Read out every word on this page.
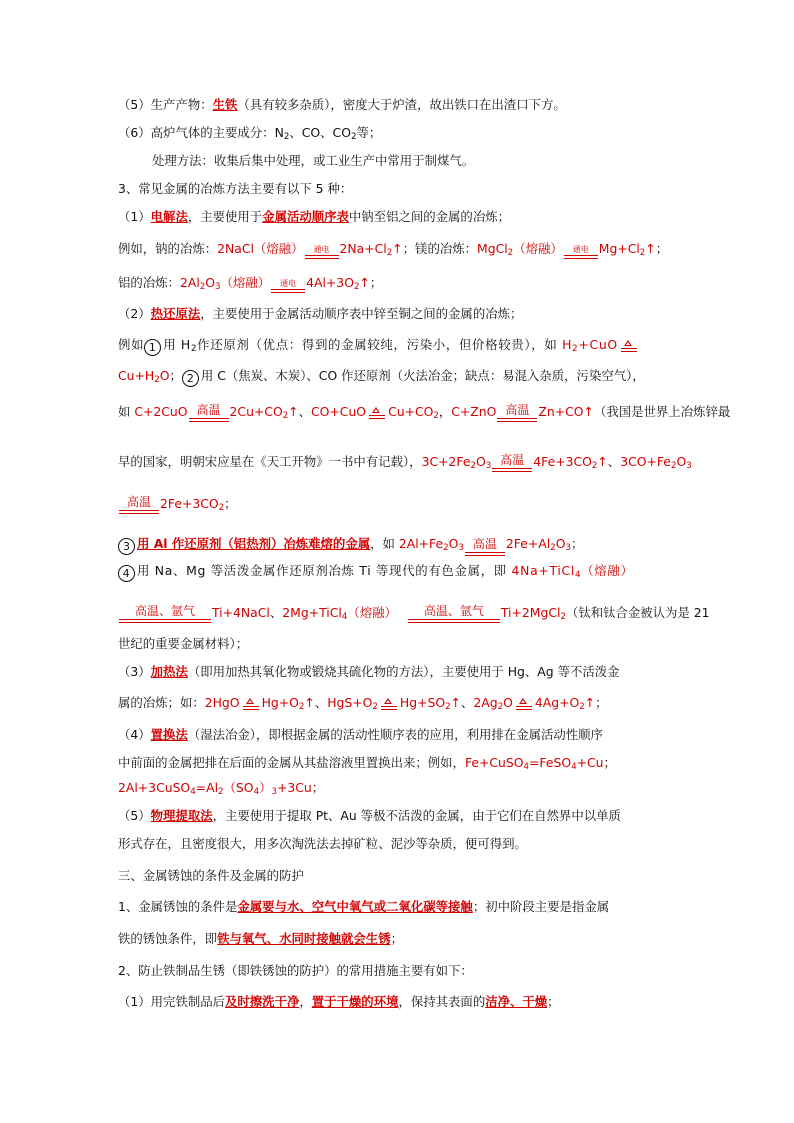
（5）生产产物：生铁（具有较多杂质），密度大于炉渣，故出铁口在出渣口下方。
（6）高炉气体的主要成分：$N_2$、CO、$CO_2$等；
处理方法：收集后集中处理，或工业生产中常用于制煤气。
3、常见金属的冶炼方法主要有以下 5 种：
（1）电解法，主要使用于金属活动顺序表中钠至铝之间的金属的冶炼；
例如，钠的冶炼：2NaCl（熔融） 通电 $2Na+Cl_2↑$；镁的冶炼：MgCl$_2$（熔融） 通电 $Mg+Cl_2↑$；
铝的冶炼：$2Al_2O_3$（熔融） 通电 $4Al+3O_2↑$；
（2）热还原法，主要使用于金属活动顺序表中锌至铜之间的金属的冶炼；
例如 1 用 $H_2$作还原剂（优点：得到的金属较纯，污染小，但价格较贵），如 $H_2+CuO$
$Cu+H_2O$； 2 用 C（焦炭、木炭）、CO 作还原剂（火法冶金；缺点：易混入杂质，污染空气），
如 C+2CuO 高温 $2Cu+CO_2↑$、CO+CuO $Cu+CO_2$，C+ZnO 高温 Zn+CO↑（我国是世界上冶炼锌最
早的国家，明朝宋应星在《天工开物》一书中有记载），$3C+2Fe_2O_3$ 高温 $4Fe+3CO_2↑$、$3CO+Fe_2O_3$
高温 $2Fe+3CO_2$；
3 用 Al 作还原剂（铝热剂）冶炼难熔的金属，如 $2Al+Fe_2O_3$ 高温 $2Fe+Al_2O_3$；
4 用 Na、Mg 等活泼金属作还原剂冶炼 Ti 等现代的有色金属，即 4Na+TiCl$_4$（熔融）
高温、氩气 Ti+4NaCl、2Mg+TiCl$_4$（熔融） 高温、氩气 Ti+2MgCl$_2$（钛和钛合金被认为是 21
世纪的重要金属材料）；
（3）加热法（即用加热其氧化物或锻烧其硫化物的方法），主要使用于 Hg、Ag 等不活泼金
属的冶炼；如：2HgO $Hg+O_2↑$、$HgS+O_2$ $Hg+SO_2↑$、$2Ag_2O$ $4Ag+O_2↑$；
（4）置换法（湿法冶金），即根据金属的活动性顺序表的应用，利用排在金属活动性顺序
中前面的金属把排在后面的金属从其盐溶液里置换出来；例如，Fe+CuSO$_4$=FeSO$_4$+Cu；
$2Al+3CuSO_4=Al_2(SO_4)_3+3Cu$；
（5）物理提取法，主要使用于提取 Pt、Au 等极不活泼的金属，由于它们在自然界中以单质
形式存在，且密度很大，用多次淘洗法去掉矿粒、泥沙等杂质，便可得到。
三、金属锈蚀的条件及金属的防护
1、金属锈蚀的条件是金属要与水、空气中氧气或二氧化碳等接触；初中阶段主要是指金属
铁的锈蚀条件，即铁与氧气、水同时接触就会生锈；
2、防止铁制品生锈（即铁锈蚀的防护）的常用措施主要有如下：
（1）用完铁制品后及时擦洗干净，置于干燥的环境，保持其表面的洁净、干燥；
